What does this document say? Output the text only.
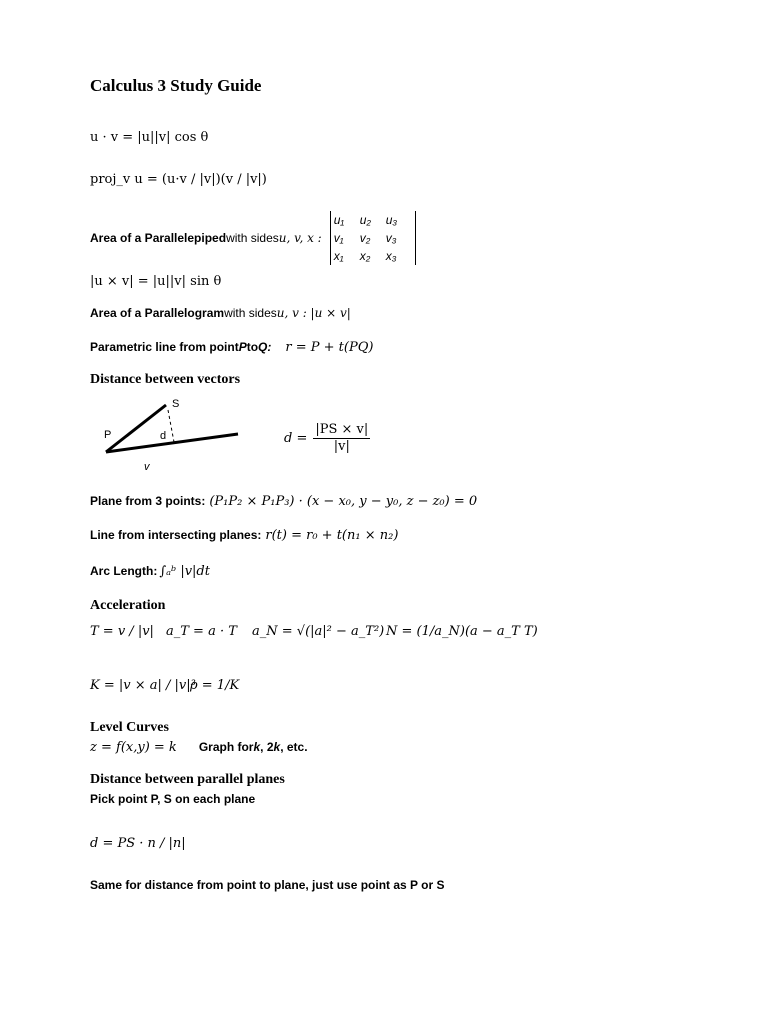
Calculus 3 Study Guide
u · v = |u||v| cos θ
proj_v u = (u·v / |v|)(v / |v|)
Area of a Parallelepiped with sides u, v, x :
u₁	u₂	u₃
v₁	v₂	v₃
x₁	x₂	x₃
|u × v| = |u||v| sin θ
Area of a Parallelogram with sides u, v : |u × v|
Parametric line from point P to Q: r = P + t(PQ)
Distance between vectors
S
P	d
v
$d = \frac{|PS \times v|}{|v|}$
Plane from 3 points: (P₁P₂ × P₁P₃) · (x − x₀, y − y₀, z − z₀) = 0
Line from intersecting planes: r(t) = r₀ + t(n₁ × n₂)
Arc Length: ∫ₐᵇ |v|dt
Acceleration
T = v / |v| a_T = a · T a_N = √(|a|² − a_T²) N = (1/a_N)(a − a_T T)
K = |v × a| / |v|³
ρ = 1/K
Level Curves
z = f(x,y) = k Graph for k , 2 k , etc.
Distance between parallel planes
Pick point P, S on each plane
d = PS · n / |n|
Same for distance from point to plane, just use point as P or S
